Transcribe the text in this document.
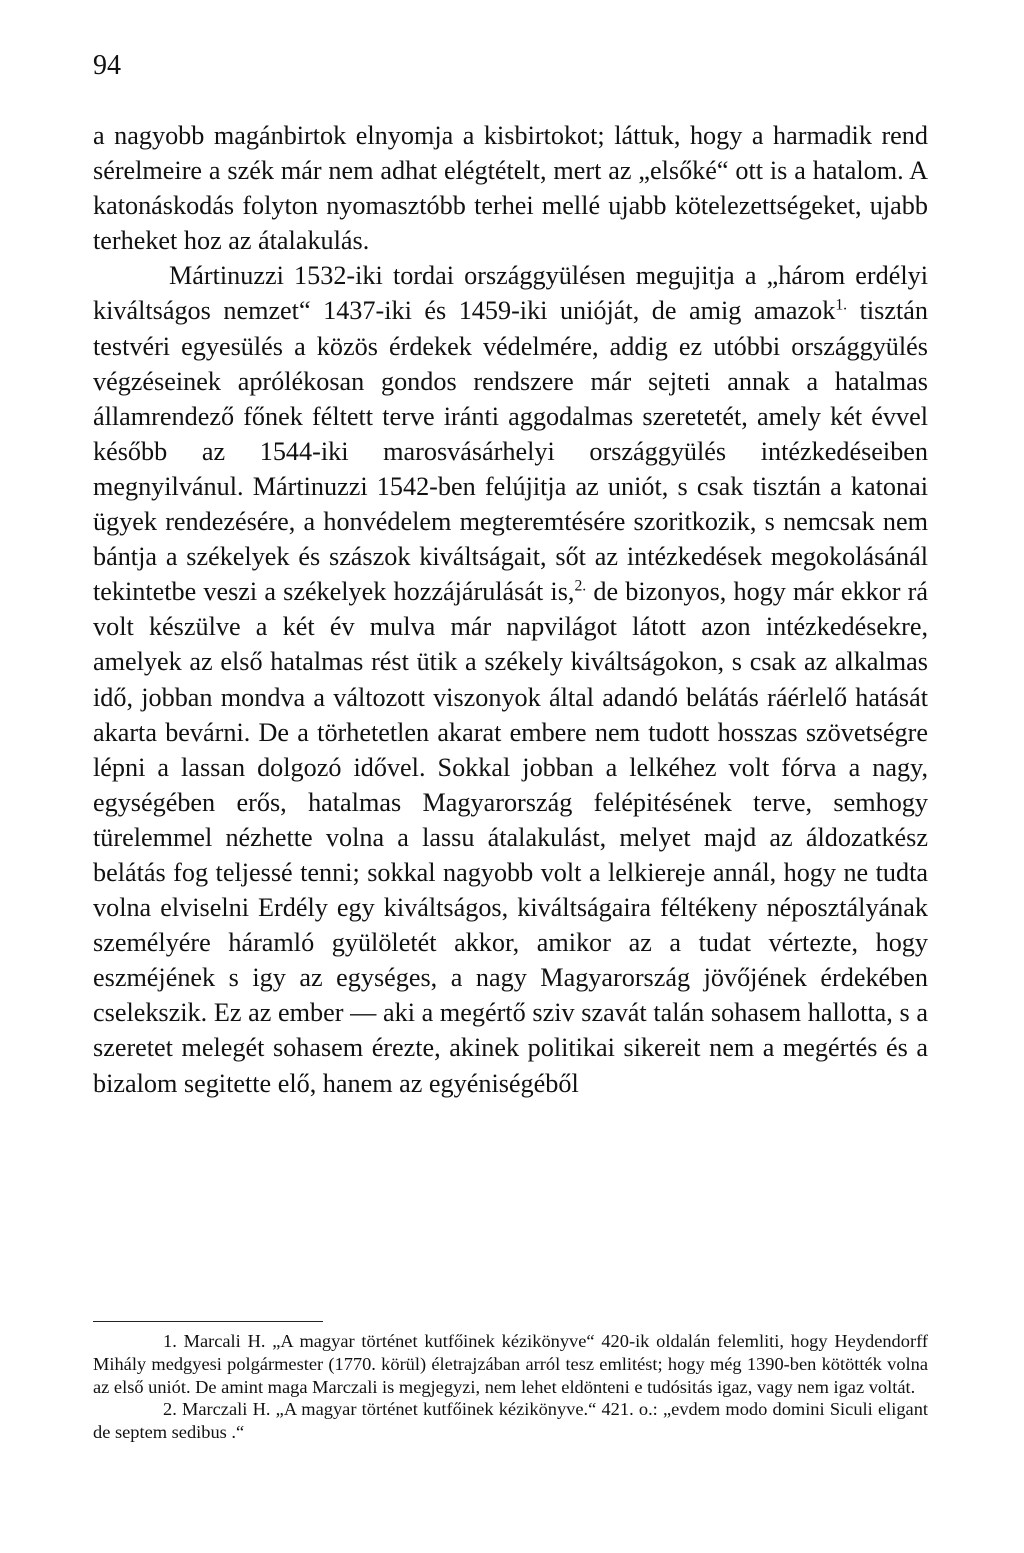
94

a nagyobb magánbirtok elnyomja a kisbirtokot; láttuk, hogy a harmadik rend sérelmeire a szék már nem adhat elégtételt, mert az „elsőké“ ott is a hatalom. A katonáskodás folyton nyomasztóbb terhei mellé ujabb kötelezettségeket, ujabb terheket hoz az átalakulás.

Mártinuzzi 1532-iki tordai országgyülésen megujitja a „három erdélyi kiváltságos nemzet“ 1437-iki és 1459-iki unióját, de amig amazok$^{1.}$ tisztán testvéri egyesülés a közös érdekek védelmére, addig ez utóbbi országgyülés végzéseinek aprólékosan gondos rendszere már sejteti annak a hatalmas államrendező főnek féltett terve iránti aggodalmas szeretetét, amely két évvel később az 1544-iki marosvásárhelyi országgyülés intézkedéseiben megnyilvánul. Mártinuzzi 1542-ben felújitja az uniót, s csak tisztán a katonai ügyek rendezésére, a honvédelem megteremtésére szoritkozik, s nemcsak nem bántja a székelyek és szászok kiváltságait, sőt az intézkedések megokolásánál tekintetbe veszi a székelyek hozzájárulását is,$^{2.}$ de bizonyos, hogy már ekkor rá volt készülve a két év mulva már napvilágot látott azon intézkedésekre, amelyek az első hatalmas rést ütik a székely kiváltságokon, s csak az alkalmas idő, jobban mondva a változott viszonyok által adandó belátás ráérlelő hatását akarta bevárni. De a törhetetlen akarat embere nem tudott hosszas szövetségre lépni a lassan dolgozó idővel. Sokkal jobban a lelkéhez volt fórva a nagy, egységében erős, hatalmas Magyarország felépitésének terve, semhogy türelemmel nézhette volna a lassu átalakulást, melyet majd az áldozatkész belátás fog teljessé tenni; sokkal nagyobb volt a lelkiereje annál, hogy ne tudta volna elviselni Erdély egy kiváltságos, kiváltságaira féltékeny néposztályának személyére háramló gyülöletét akkor, amikor az a tudat vértezte, hogy eszméjének s igy az egységes, a nagy Magyarország jövőjének érdekében cselekszik. Ez az ember — aki a megértő sziv szavát talán sohasem hallotta, s a szeretet melegét sohasem érezte, akinek politikai sikereit nem a megértés és a bizalom segitette elő, hanem az egyéniségéből

1. Marcali H. „A magyar történet kutfőinek kézikönyve“ 420-ik oldalán felemliti, hogy Heydendorff Mihály medgyesi polgármester (1770. körül) életrajzában arról tesz emlitést; hogy még 1390-ben kötötték volna az első uniót. De amint maga Marczali is megjegyzi, nem lehet eldönteni e tudósitás igaz, vagy nem igaz voltát.

2. Marczali H. „A magyar történet kutfőinek kézikönyve.“ 421. o.: „evdem modo domini Siculi eligant de septem sedibus .“
